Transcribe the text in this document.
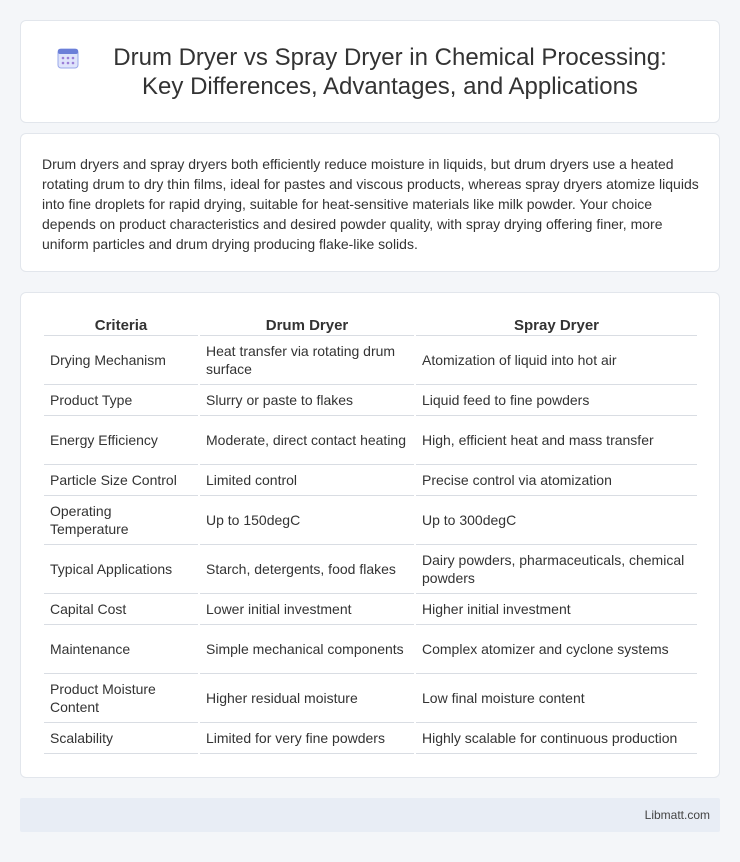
Drum Dryer vs Spray Dryer in Chemical Processing: Key Differences, Advantages, and Applications

Drum dryers and spray dryers both efficiently reduce moisture in liquids, but drum dryers use a heated rotating drum to dry thin films, ideal for pastes and viscous products, whereas spray dryers atomize liquids into fine droplets for rapid drying, suitable for heat-sensitive materials like milk powder. Your choice depends on product characteristics and desired powder quality, with spray drying offering finer, more uniform particles and drum drying producing flake-like solids.

Criteria	Drum Dryer	Spray Dryer
Drying Mechanism	Heat transfer via rotating drum surface	Atomization of liquid into hot air
Product Type	Slurry or paste to flakes	Liquid feed to fine powders
Energy Efficiency	Moderate, direct contact heating	High, efficient heat and mass transfer
Particle Size Control	Limited control	Precise control via atomization
Operating Temperature	Up to 150degC	Up to 300degC
Typical Applications	Starch, detergents, food flakes	Dairy powders, pharmaceuticals, chemical powders
Capital Cost	Lower initial investment	Higher initial investment
Maintenance	Simple mechanical components	Complex atomizer and cyclone systems
Product Moisture Content	Higher residual moisture	Low final moisture content
Scalability	Limited for very fine powders	Highly scalable for continuous production
Libmatt.com
